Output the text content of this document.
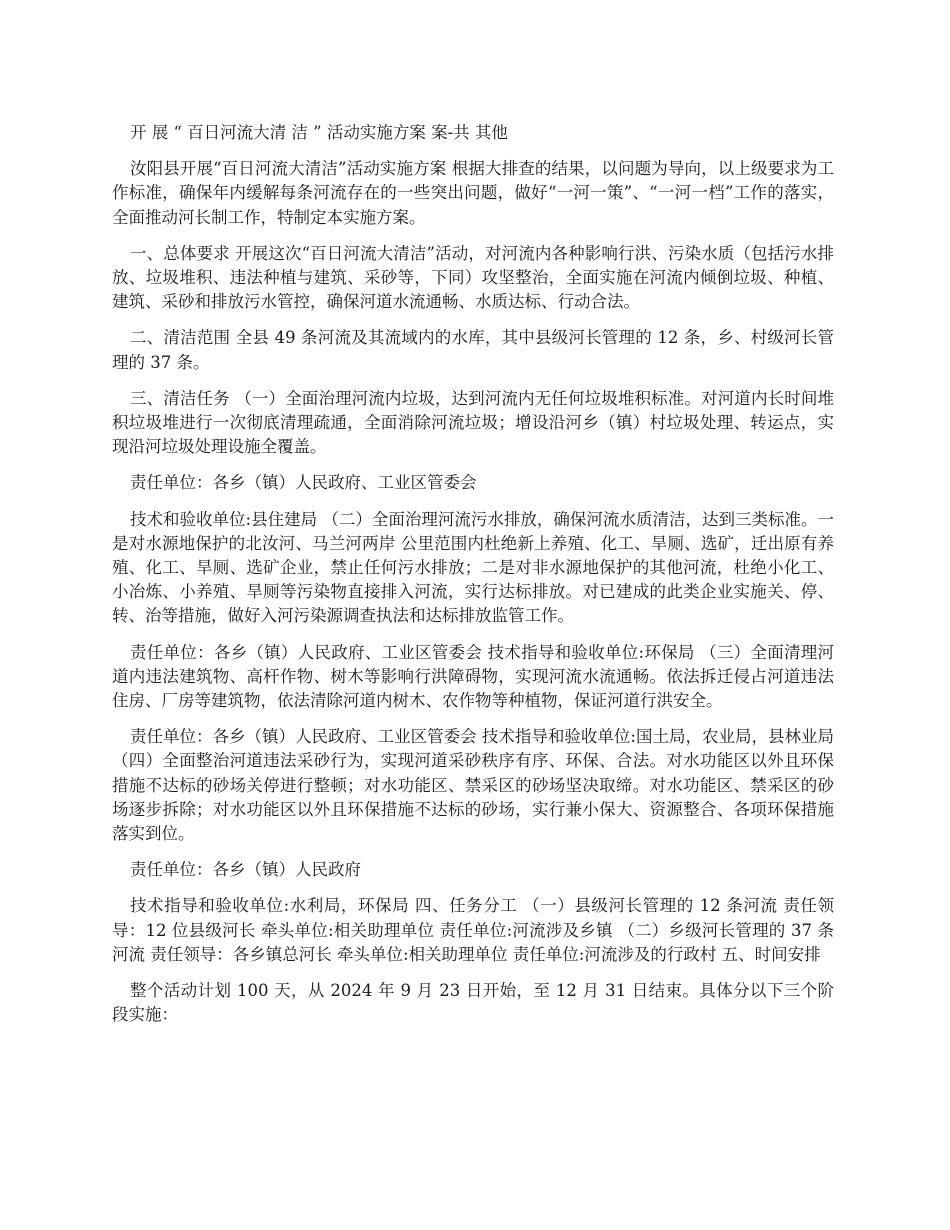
开 展 “ 百日河流大清 洁 ” 活动实施方案 案-共 其他

汝阳县开展“百日河流大清洁”活动实施方案 根据大排查的结果，以问题为导向，以上级要求为工作标准，确保年内缓解每条河流存在的一些突出问题，做好“一河一策”、“一河一档”工作的落实，全面推动河长制工作，特制定本实施方案。

一、总体要求 开展这次“百日河流大清洁”活动，对河流内各种影响行洪、污染水质（包括污水排放、垃圾堆积、违法种植与建筑、采砂等，下同）攻坚整治，全面实施在河流内倾倒垃圾、种植、建筑、采砂和排放污水管控，确保河道水流通畅、水质达标、行动合法。

二、清洁范围 全县 49 条河流及其流域内的水库，其中县级河长管理的 12 条，乡、村级河长管理的 37 条。

三、清洁任务 （一）全面治理河流内垃圾，达到河流内无任何垃圾堆积标准。对河道内长时间堆积垃圾堆进行一次彻底清理疏通，全面消除河流垃圾；增设沿河乡（镇）村垃圾处理、转运点，实现沿河垃圾处理设施全覆盖。

责任单位：各乡（镇）人民政府、工业区管委会

技术和验收单位:县住建局 （二）全面治理河流污水排放，确保河流水质清洁，达到三类标准。一是对水源地保护的北汝河、马兰河两岸 公里范围内杜绝新上养殖、化工、旱厕、选矿，迁出原有养殖、化工、旱厕、选矿企业，禁止任何污水排放；二是对非水源地保护的其他河流，杜绝小化工、小冶炼、小养殖、旱厕等污染物直接排入河流，实行达标排放。对已建成的此类企业实施关、停、转、治等措施，做好入河污染源调查执法和达标排放监管工作。

责任单位：各乡（镇）人民政府、工业区管委会 技术指导和验收单位:环保局 （三）全面清理河道内违法建筑物、高杆作物、树木等影响行洪障碍物，实现河流水流通畅。依法拆迁侵占河道违法住房、厂房等建筑物，依法清除河道内树木、农作物等种植物，保证河道行洪安全。

责任单位：各乡（镇）人民政府、工业区管委会 技术指导和验收单位:国土局，农业局，县林业局 （四）全面整治河道违法采砂行为，实现河道采砂秩序有序、环保、合法。对水功能区以外且环保措施不达标的砂场关停进行整顿；对水功能区、禁采区的砂场坚决取缔。对水功能区、禁采区的砂场逐步拆除；对水功能区以外且环保措施不达标的砂场，实行兼小保大、资源整合、各项环保措施落实到位。

责任单位：各乡（镇）人民政府

技术指导和验收单位:水利局，环保局 四、任务分工 （一）县级河长管理的 12 条河流 责任领导：12 位县级河长 牵头单位:相关助理单位 责任单位:河流涉及乡镇 （二）乡级河长管理的 37 条河流 责任领导：各乡镇总河长 牵头单位:相关助理单位 责任单位:河流涉及的行政村 五、时间安排

整个活动计划 100 天，从 2024 年 9 月 23 日开始，至 12 月 31 日结束。具体分以下三个阶段实施：
